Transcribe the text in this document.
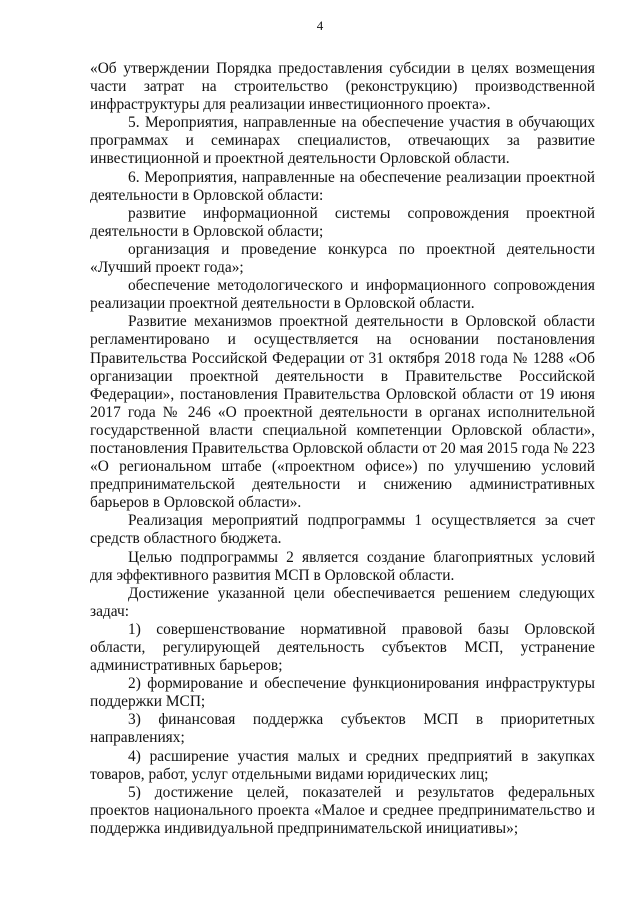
4

«Об утверждении Порядка предоставления субсидии в целях возмещения части затрат на строительство (реконструкцию) производственной инфраструктуры для реализации инвестиционного проекта».

5. Мероприятия, направленные на обеспечение участия в обучающих программах и семинарах специалистов, отвечающих за развитие инвестиционной и проектной деятельности Орловской области.

6. Мероприятия, направленные на обеспечение реализации проектной деятельности в Орловской области:

развитие информационной системы сопровождения проектной деятельности в Орловской области;

организация и проведение конкурса по проектной деятельности «Лучший проект года»;

обеспечение методологического и информационного сопровождения реализации проектной деятельности в Орловской области.

Развитие механизмов проектной деятельности в Орловской области регламентировано и осуществляется на основании постановления Правительства Российской Федерации от 31 октября 2018 года № 1288 «Об организации проектной деятельности в Правительстве Российской Федерации», постановления Правительства Орловской области от 19 июня 2017 года № 246 «О проектной деятельности в органах исполнительной государственной власти специальной компетенции Орловской области», постановления Правительства Орловской области от 20 мая 2015 года № 223 «О региональном штабе («проектном офисе») по улучшению условий предпринимательской деятельности и снижению административных барьеров в Орловской области».

Реализация мероприятий подпрограммы 1 осуществляется за счет средств областного бюджета.

Целью подпрограммы 2 является создание благоприятных условий для эффективного развития МСП в Орловской области.

Достижение указанной цели обеспечивается решением следующих задач:

1) совершенствование нормативной правовой базы Орловской области, регулирующей деятельность субъектов МСП, устранение административных барьеров;

2) формирование и обеспечение функционирования инфраструктуры поддержки МСП;

3) финансовая поддержка субъектов МСП в приоритетных направлениях;

4) расширение участия малых и средних предприятий в закупках товаров, работ, услуг отдельными видами юридических лиц;

5) достижение целей, показателей и результатов федеральных проектов национального проекта «Малое и среднее предпринимательство и поддержка индивидуальной предпринимательской инициативы»;
